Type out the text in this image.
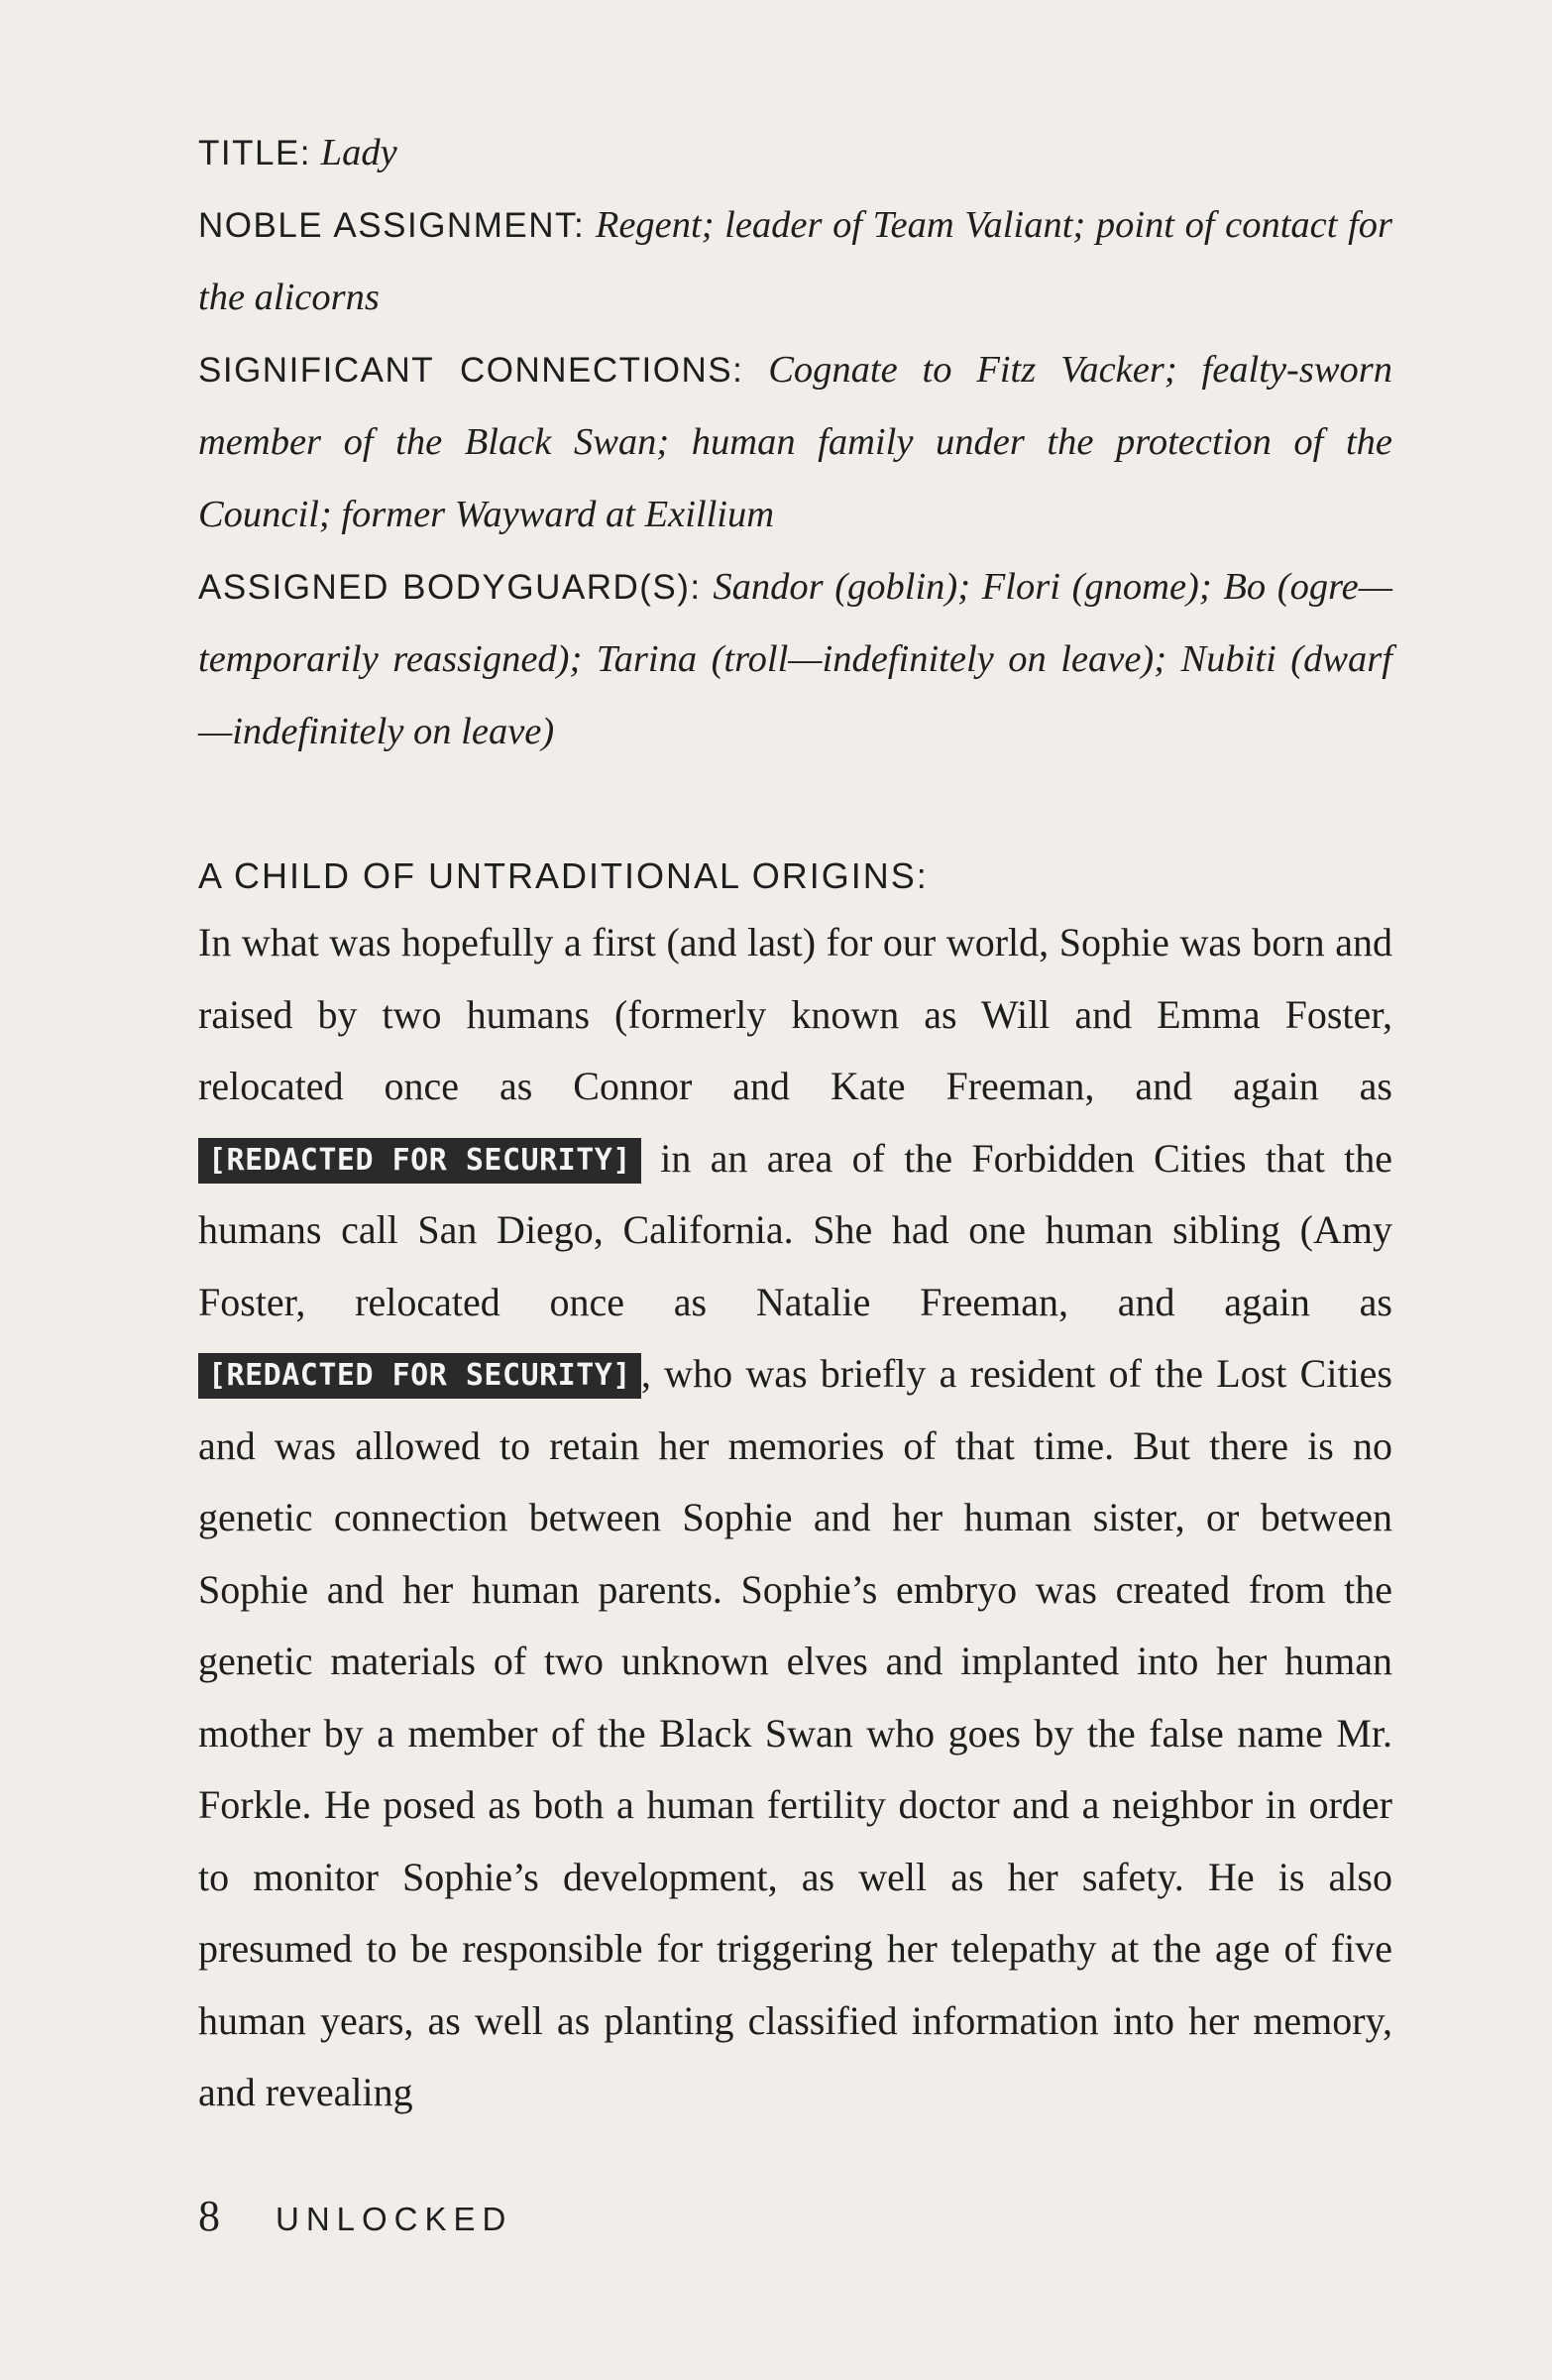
TITLE: Lady
NOBLE ASSIGNMENT: Regent; leader of Team Valiant; point of contact for the alicorns
SIGNIFICANT CONNECTIONS: Cognate to Fitz Vacker; fealty-sworn member of the Black Swan; human family under the protection of the Council; former Wayward at Exillium
ASSIGNED BODYGUARD(S): Sandor (goblin); Flori (gnome); Bo (ogre—temporarily reassigned); Tarina (troll—indefinitely on leave); Nubiti (dwarf—indefinitely on leave)
A CHILD OF UNTRADITIONAL ORIGINS:

In what was hopefully a first (and last) for our world, Sophie was born and raised by two humans (formerly known as Will and Emma Foster, relocated once as Connor and Kate Freeman, and again as [REDACTED FOR SECURITY] in an area of the Forbidden Cities that the humans call San Diego, California. She had one human sibling (Amy Foster, relocated once as Natalie Freeman, and again as [REDACTED FOR SECURITY] , who was briefly a resident of the Lost Cities and was allowed to retain her memories of that time. But there is no genetic connection between Sophie and her human sister, or between Sophie and her human parents. Sophie’s embryo was created from the genetic materials of two unknown elves and implanted into her human mother by a member of the Black Swan who goes by the false name Mr. Forkle. He posed as both a human fertility doctor and a neighbor in order to monitor Sophie’s development, as well as her safety. He is also presumed to be responsible for triggering her telepathy at the age of five human years, as well as planting classified information into her memory, and revealing

8 UNLOCKED
